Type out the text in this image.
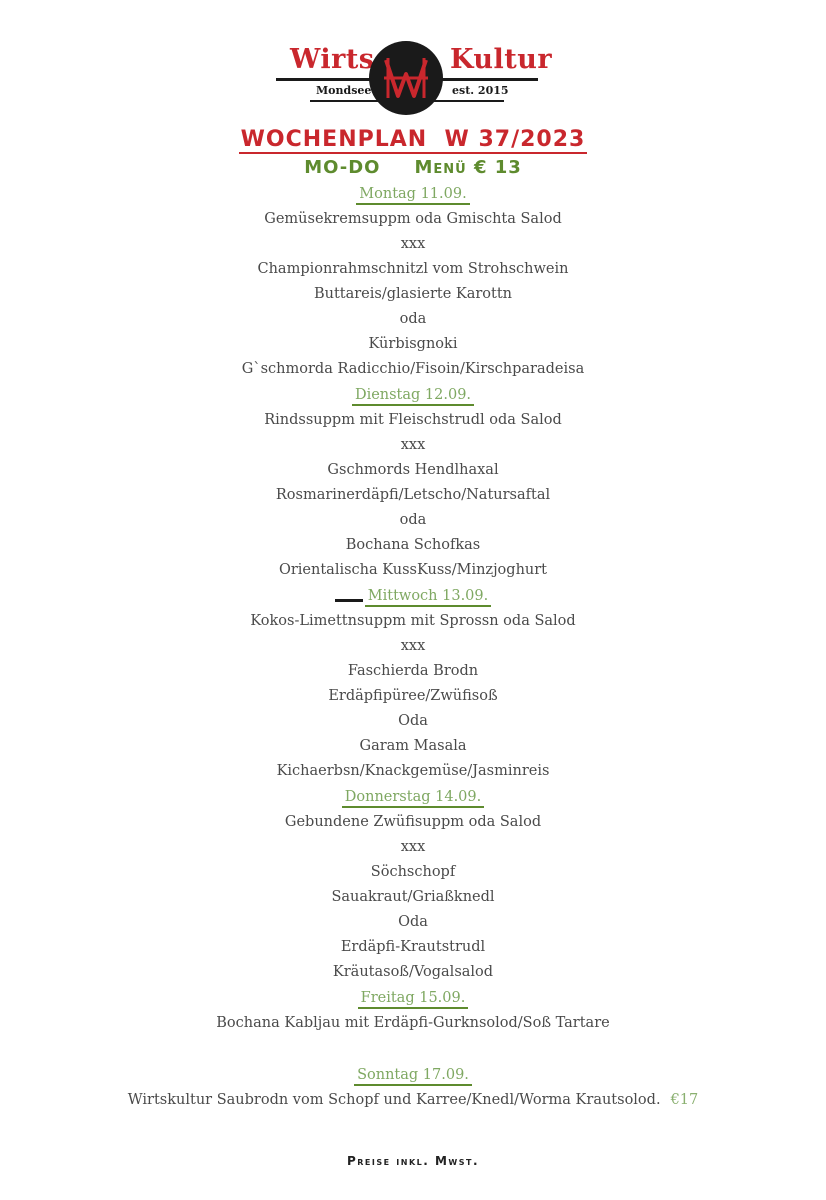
Wirts	Kultur
Mondsee	est. 2015
WOCHENPLAN  W 37/2023
MO-DO Menü € 13
Montag 11.09.
Gemüsekremsuppm oda Gmischta Salod
xxx
Championrahmschnitzl vom Strohschwein
Buttareis/glasierte Karottn
oda
Kürbisgnoki
G`schmorda Radicchio/Fisoin/Kirschparadeisa
Dienstag 12.09.
Rindssuppm mit Fleischstrudl oda Salod
xxx
Gschmords Hendlhaxal
Rosmarinerdäpfi/Letscho/Natursaftal
oda
Bochana Schofkas
Orientalischa KussKuss/Minzjoghurt
Mittwoch 13.09.
Kokos-Limettnsuppm mit Sprossn oda Salod
xxx
Faschierda Brodn
Erdäpfipüree/Zwüfisoß
Oda
Garam Masala
Kichaerbsn/Knackgemüse/Jasminreis
Donnerstag 14.09.
Gebundene Zwüfisuppm oda Salod
xxx
Söchschopf
Sauakraut/Griaßknedl
Oda
Erdäpfi-Krautstrudl
Kräutasoß/Vogalsalod
Freitag 15.09.
Bochana Kabljau mit Erdäpfi-Gurknsolod/Soß Tartare
Sonntag 17.09.
Wirtskultur Saubrodn vom Schopf und Karree/Knedl/Worma Krautsolod. €17
Preise inkl. Mwst.
